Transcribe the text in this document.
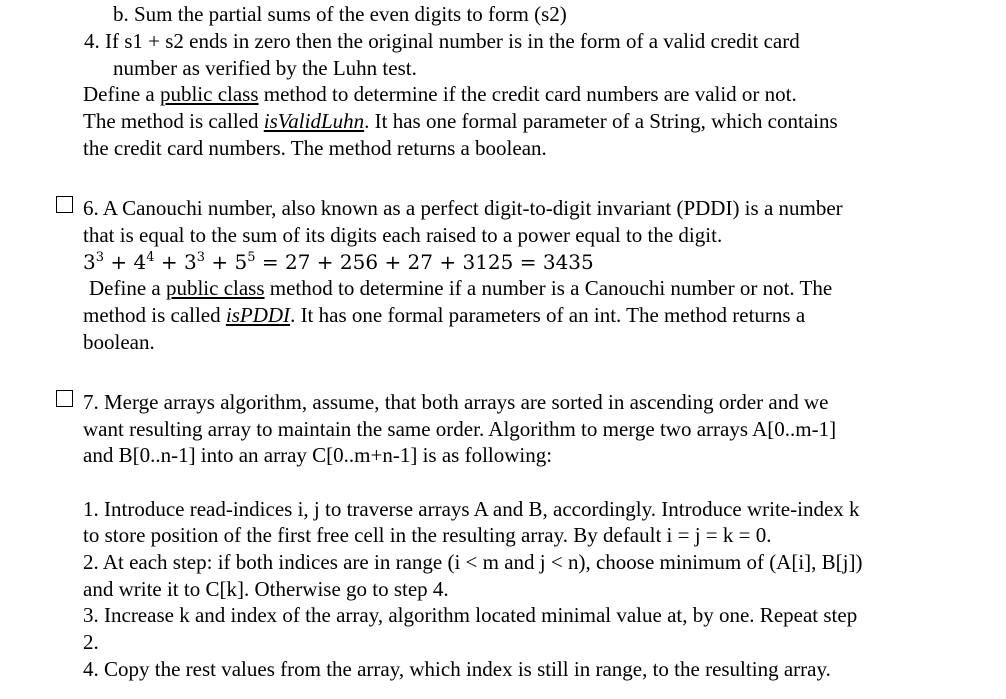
b. Sum the partial sums of the even digits to form (s2)
4. If s1 + s2 ends in zero then the original number is in the form of a valid credit card
number as verified by the Luhn test.
Define a public class method to determine if the credit card numbers are valid or not.
The method is called isValidLuhn. It has one formal parameter of a String, which contains
the credit card numbers. The method returns a boolean.
6. A Canouchi number, also known as a perfect digit-to-digit invariant (PDDI) is a number
that is equal to the sum of its digits each raised to a power equal to the digit.
$3^3 + 4^4 + 3^3 + 5^5 = 27 + 256 + 27 + 3125 = 3435$
Define a public class method to determine if a number is a Canouchi number or not. The
method is called isPDDI. It has one formal parameters of an int. The method returns a
boolean.
7. Merge arrays algorithm, assume, that both arrays are sorted in ascending order and we
want resulting array to maintain the same order. Algorithm to merge two arrays A[0..m-1]
and B[0..n-1] into an array C[0..m+n-1] is as following:
1. Introduce read-indices i, j to traverse arrays A and B, accordingly. Introduce write-index k
to store position of the first free cell in the resulting array. By default i = j = k = 0.
2. At each step: if both indices are in range (i < m and j < n), choose minimum of (A[i], B[j])
and write it to C[k]. Otherwise go to step 4.
3. Increase k and index of the array, algorithm located minimal value at, by one. Repeat step
2.
4. Copy the rest values from the array, which index is still in range, to the resulting array.
